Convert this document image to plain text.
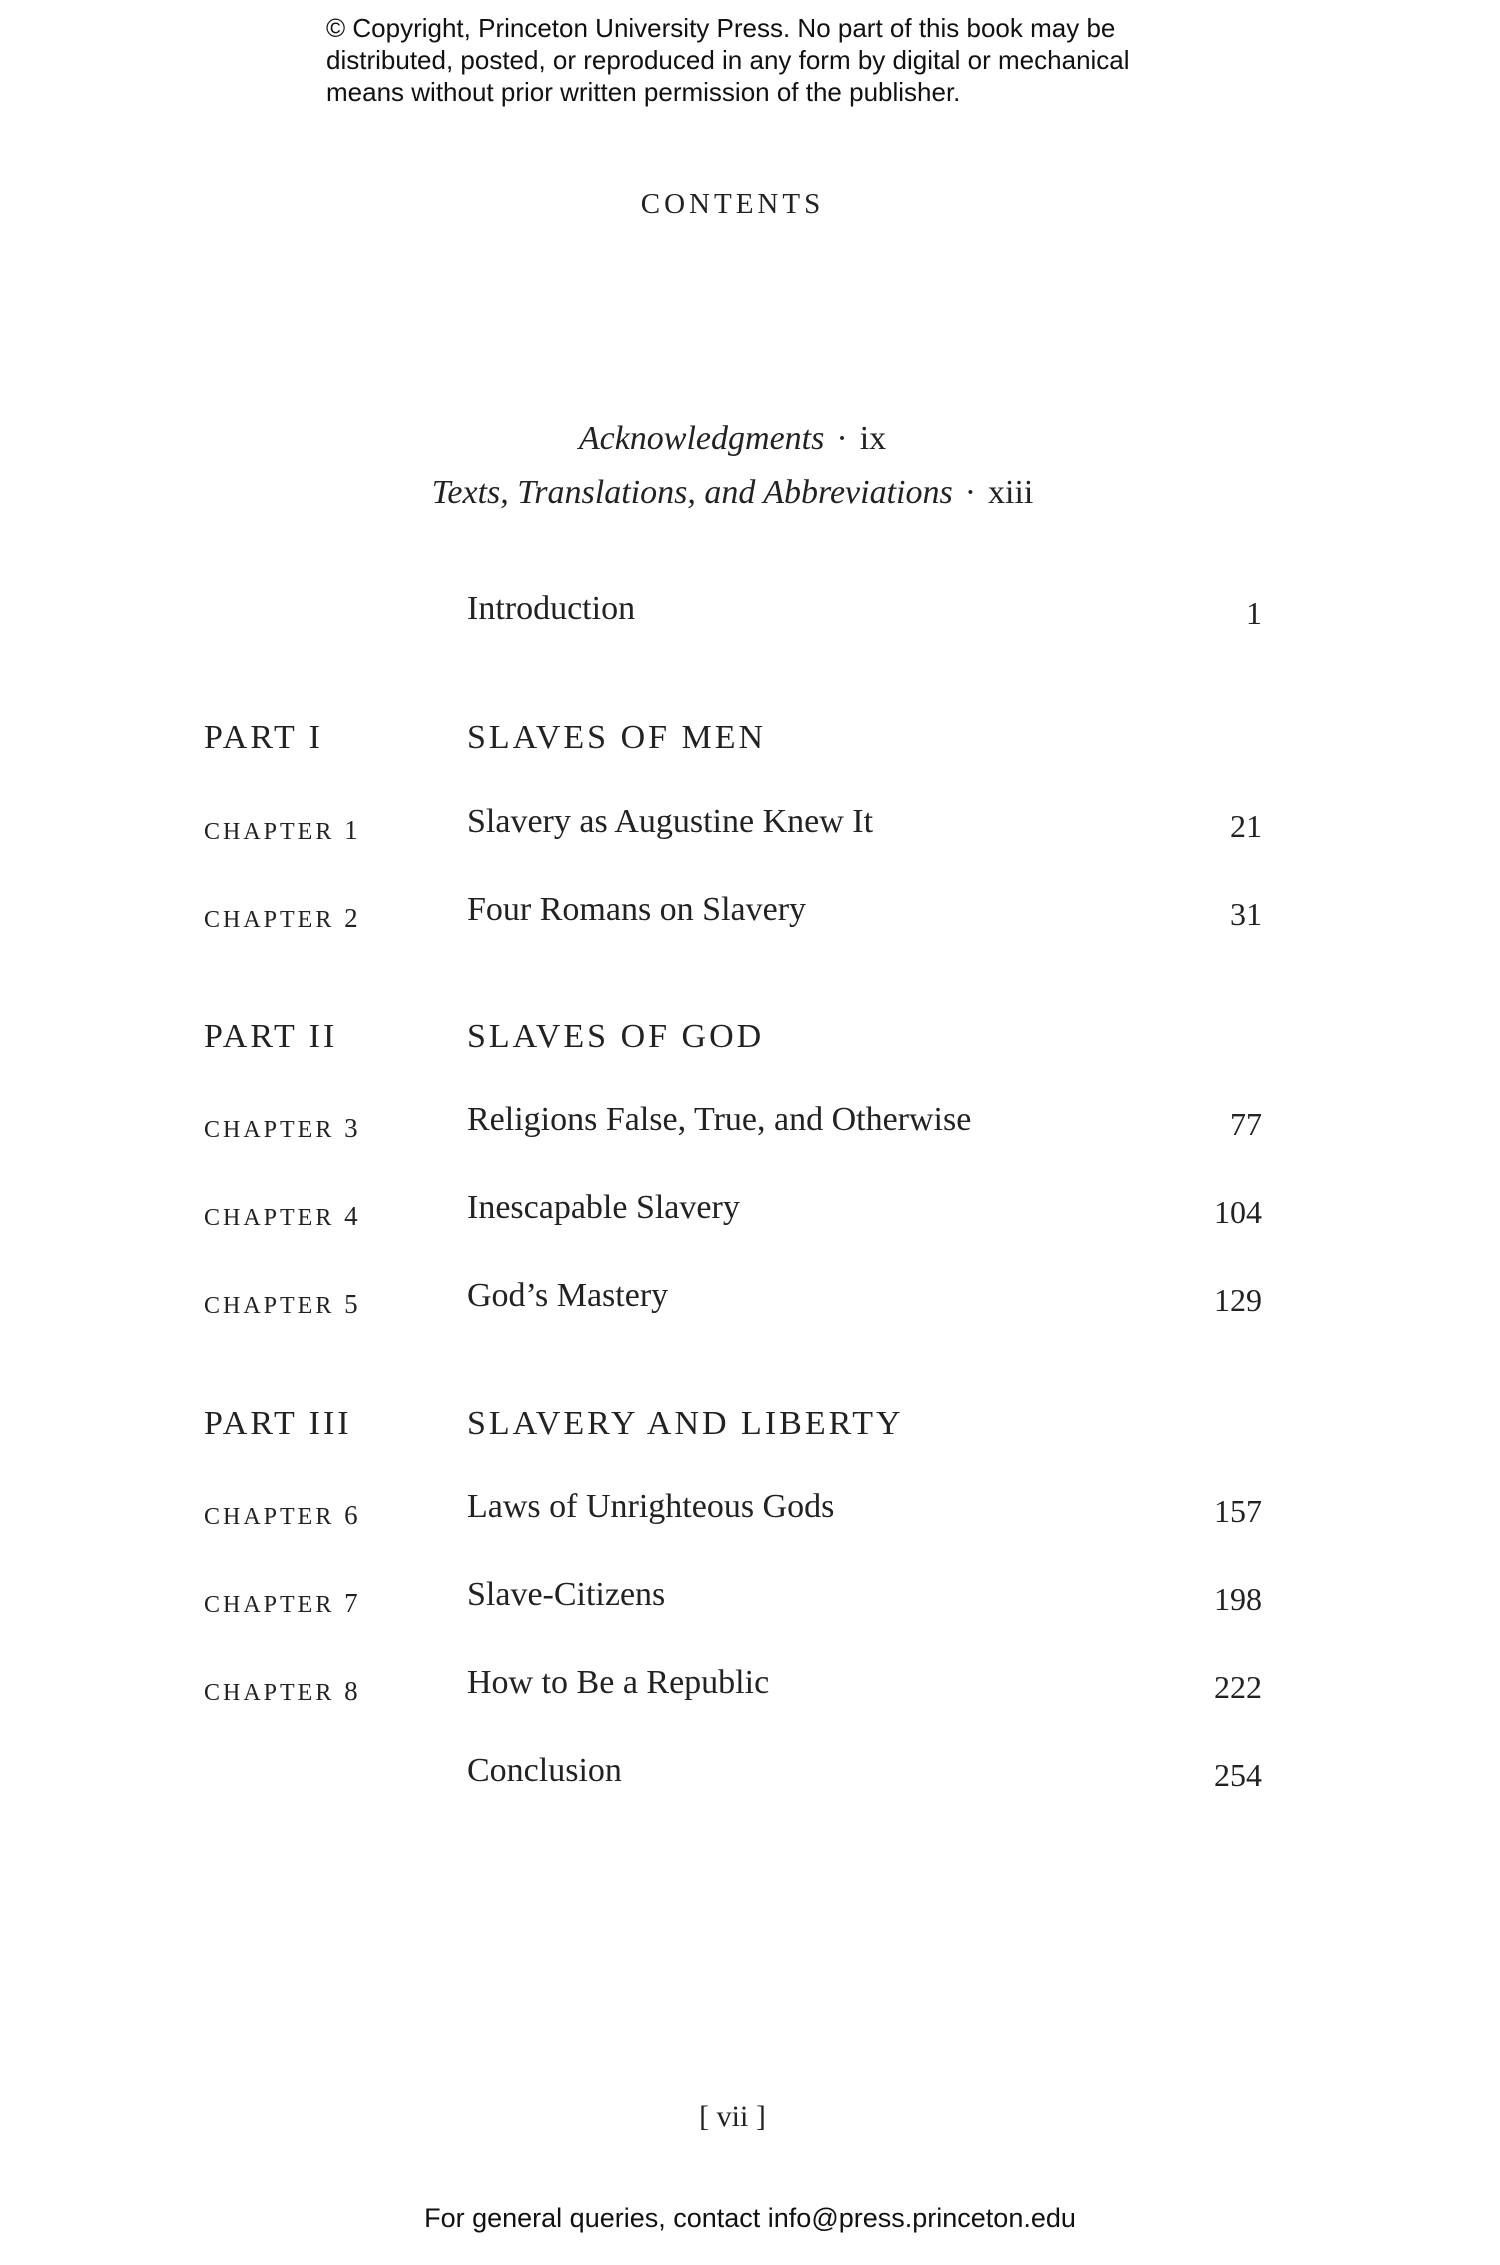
© Copyright, Princeton University Press. No part of this book may be
distributed, posted, or reproduced in any form by digital or mechanical
means without prior written permission of the publisher.
CONTENTS
Acknowledgments · ix
Texts, Translations, and Abbreviations · xiii
Introduction	1
PART I	SLAVES OF MEN
chapter 1	Slavery as Augustine Knew It	21
chapter 2	Four Romans on Slavery	31
PART II	SLAVES OF GOD
chapter 3	Religions False, True, and Otherwise	77
chapter 4	Inescapable Slavery	104
chapter 5	God’s Mastery	129
PART III	SLAVERY AND LIBERTY
chapter 6	Laws of Unrighteous Gods	157
chapter 7	Slave-Citizens	198
chapter 8	How to Be a Republic	222
Conclusion	254
[ vii ]
For general queries, contact info@press.princeton.edu
